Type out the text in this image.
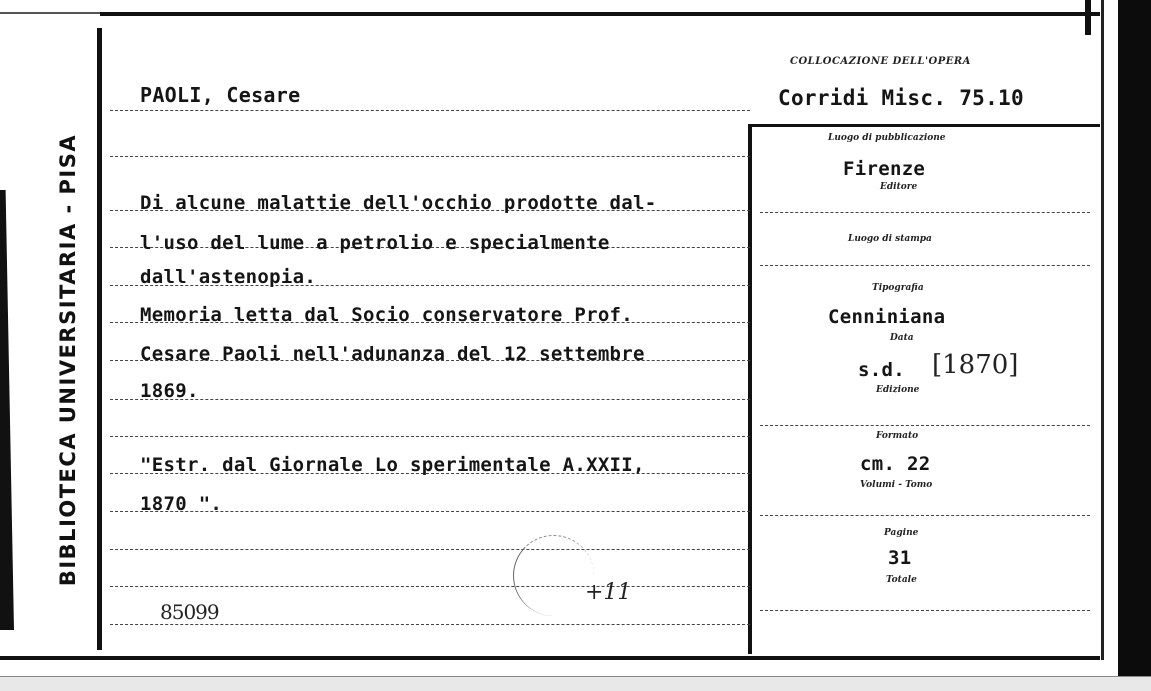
BIBLIOTECA UNIVERSITARIA - PISA
PAOLI, Cesare
COLLOCAZIONE DELL'OPERA
Corridi Misc. 75.10
Di alcune malattie dell'occhio prodotte dal-
l'uso del lume a petrolio e specialmente
dall'astenopia.
Memoria letta dal Socio conservatore Prof.
Cesare Paoli nell'adunanza del 12 settembre
1869.
"Estr. dal Giornale Lo sperimentale A.XXII,
1870 ".
85099
+11
Luogo di pubblicazione
Firenze
Editore
Luogo di stampa
Tipografia
Cenniniana
Data
s.d. [1870]
Edizione
Formato
cm. 22
Volumi - Tomo
Pagine
31
Totale
